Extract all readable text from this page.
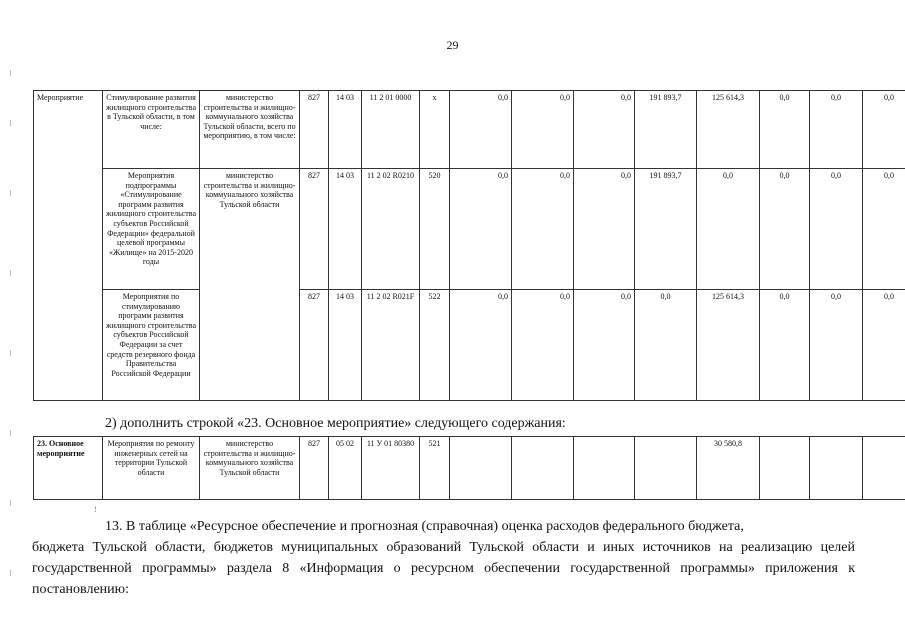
29
Мероприятие	Стимулирование развития жилищного строительства в Тульской области, в том числе:	министерство строительства и жилищно-коммунального хозяйства Тульской области, всего по мероприятию, в том числе:	827	14 03	11 2 01 0000	x	0,0	0,0	0,0	191 893,7	125 614,3	0,0	0,0	0,0
	Мероприятия подпрограммы «Стимулирование программ развития жилищного строительства субъектов Российской Федерации» федеральной целевой программы «Жилище» на 2015-2020 годы	министерство строительства и жилищно-коммунального хозяйства Тульской области	827	14 03	11 2 02 R0210	520	0,0	0,0	0,0	191 893,7	0,0	0,0	0,0	0,0
	Мероприятия по стимулированию программ развития жилищного строительства субъектов Российской Федерации за счет средств резервного фонда Правительства Российской Федерации		827	14 03	11 2 02 R021F	522	0,0	0,0	0,0	0,0	125 614,3	0,0	0,0	0,0
2) дополнить строкой «23. Основное мероприятие» следующего содержания:
23. Основное мероприятие	Мероприятия по ремонту инженерных сетей на территории Тульской области	министерство строительства и жилищно-коммунального хозяйства Тульской области	827	05 02	11 У 01 80380	521					30 580,8			
!
13. В таблице «Ресурсное обеспечение и прогнозная (справочная) оценка расходов федерального бюджета,
бюджета Тульской области, бюджетов муниципальных образований Тульской области и иных источников на реализацию целей государственной программы» раздела 8 «Информация о ресурсном обеспечении государственной программы» приложения к постановлению:
